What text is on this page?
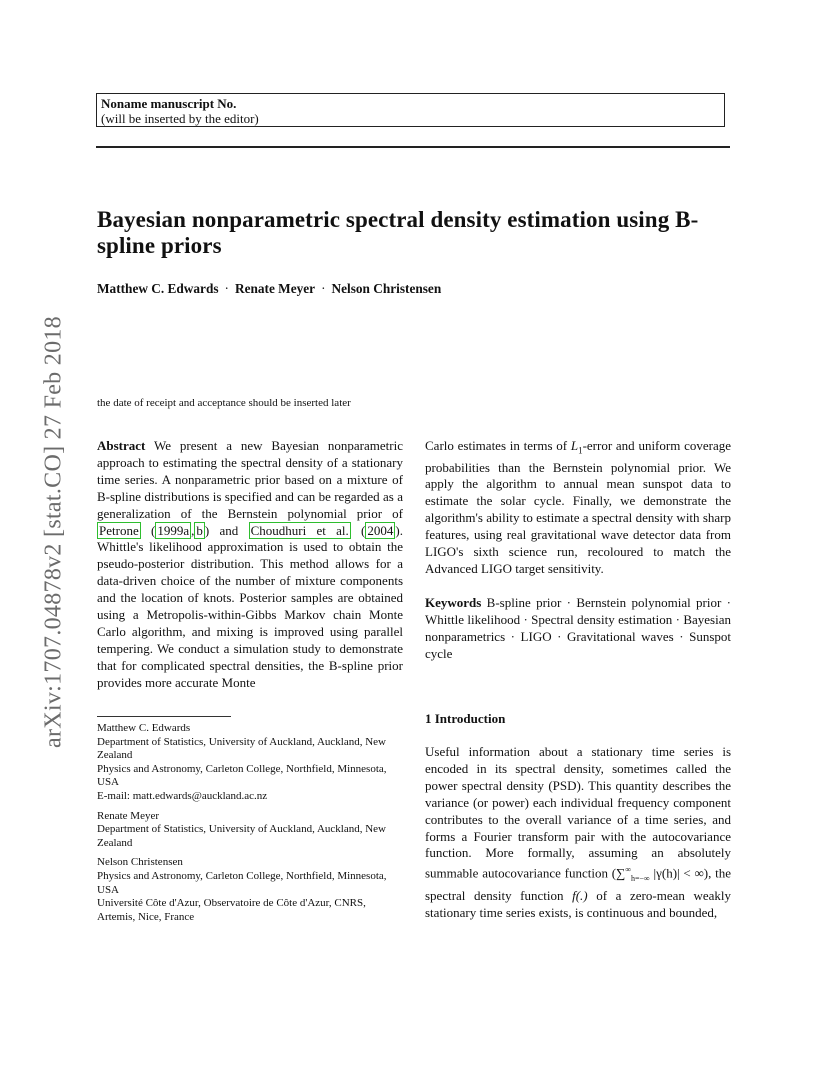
Noname manuscript No.
(will be inserted by the editor)
arXiv:1707.04878v2 [stat.CO] 27 Feb 2018
Bayesian nonparametric spectral density estimation using B-spline priors
Matthew C. Edwards · Renate Meyer · Nelson Christensen
the date of receipt and acceptance should be inserted later

Abstract We present a new Bayesian nonparametric approach to estimating the spectral density of a stationary time series. A nonparametric prior based on a mixture of B-spline distributions is specified and can be regarded as a generalization of the Bernstein polynomial prior of Petrone ( 1999a , b ) and Choudhuri et al. ( 2004 ). Whittle's likelihood approximation is used to obtain the pseudo-posterior distribution. This method allows for a data-driven choice of the number of mixture components and the location of knots. Posterior samples are obtained using a Metropolis-within-Gibbs Markov chain Monte Carlo algorithm, and mixing is improved using parallel tempering. We conduct a simulation study to demonstrate that for complicated spectral densities, the B-spline prior provides more accurate Monte

Matthew C. Edwards
Department of Statistics, University of Auckland, Auckland, New Zealand
Physics and Astronomy, Carleton College, Northfield, Minnesota, USA
E-mail: matt.edwards@auckland.ac.nz
Renate Meyer
Department of Statistics, University of Auckland, Auckland, New Zealand
Nelson Christensen
Physics and Astronomy, Carleton College, Northfield, Minnesota, USA
Université Côte d'Azur, Observatoire de Côte d'Azur, CNRS, Artemis, Nice, France

Carlo estimates in terms of $L_1$-error and uniform coverage probabilities than the Bernstein polynomial prior. We apply the algorithm to annual mean sunspot data to estimate the solar cycle. Finally, we demonstrate the algorithm's ability to estimate a spectral density with sharp features, using real gravitational wave detector data from LIGO's sixth science run, recoloured to match the Advanced LIGO target sensitivity.

Keywords B-spline prior · Bernstein polynomial prior · Whittle likelihood · Spectral density estimation · Bayesian nonparametrics · LIGO · Gravitational waves · Sunspot cycle

1 Introduction

Useful information about a stationary time series is encoded in its spectral density, sometimes called the power spectral density (PSD). This quantity describes the variance (or power) each individual frequency component contributes to the overall variance of a time series, and forms a Fourier transform pair with the autocovariance function. More formally, assuming an absolutely summable autocovariance function ($\sum^\infty_{h=-\infty}$ |γ(h)| < ∞), the spectral density function f(.) of a zero-mean weakly stationary time series exists, is continuous and bounded,
